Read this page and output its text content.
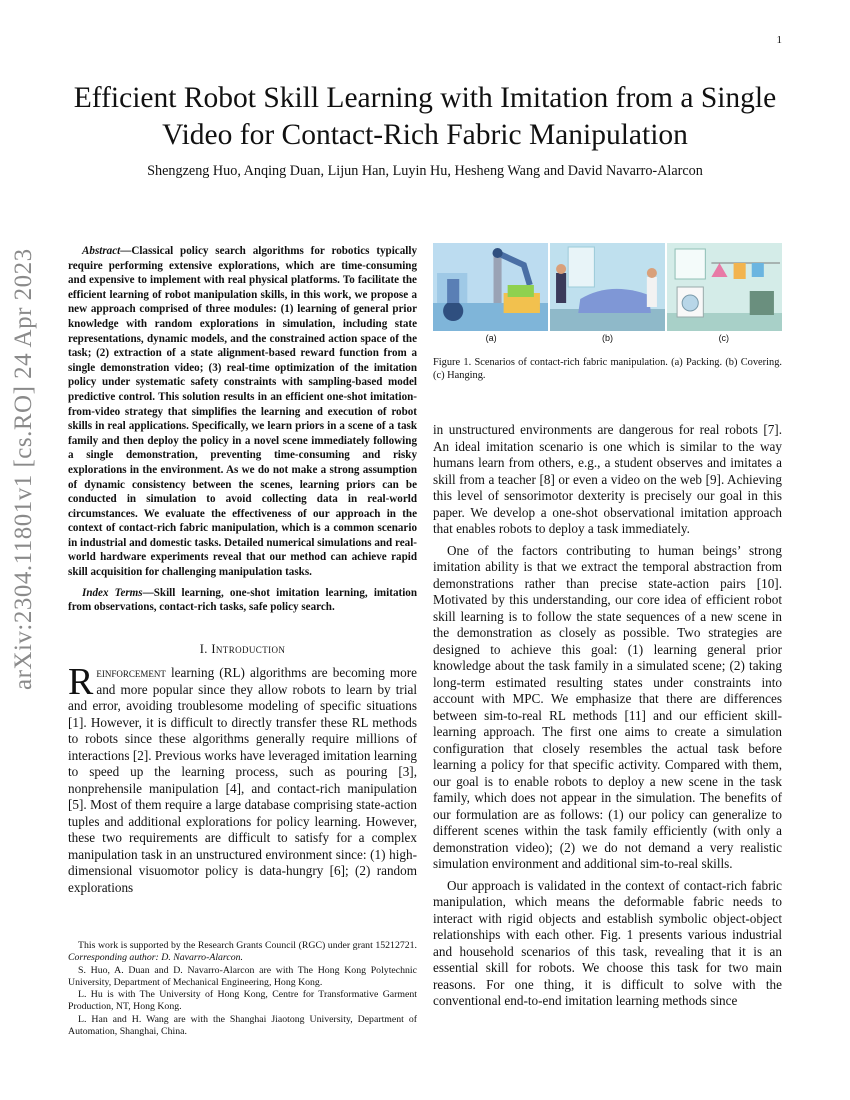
1
arXiv:2304.11801v1 [cs.RO] 24 Apr 2023
Efficient Robot Skill Learning with Imitation from a Single Video for Contact-Rich Fabric Manipulation
Shengzeng Huo, Anqing Duan, Lijun Han, Luyin Hu, Hesheng Wang and David Navarro-Alarcon

Abstract—Classical policy search algorithms for robotics typically require performing extensive explorations, which are time-consuming and expensive to implement with real physical platforms. To facilitate the efficient learning of robot manipulation skills, in this work, we propose a new approach comprised of three modules: (1) learning of general prior knowledge with random explorations in simulation, including state representations, dynamic models, and the constrained action space of the task; (2) extraction of a state alignment-based reward function from a single demonstration video; (3) real-time optimization of the imitation policy under systematic safety constraints with sampling-based model predictive control. This solution results in an efficient one-shot imitation-from-video strategy that simplifies the learning and execution of robot skills in real applications. Specifically, we learn priors in a scene of a task family and then deploy the policy in a novel scene immediately following a single demonstration, preventing time-consuming and risky explorations in the environment. As we do not make a strong assumption of dynamic consistency between the scenes, learning priors can be conducted in simulation to avoid collecting data in real-world circumstances. We evaluate the effectiveness of our approach in the context of contact-rich fabric manipulation, which is a common scenario in industrial and domestic tasks. Detailed numerical simulations and real-world hardware experiments reveal that our method can achieve rapid skill acquisition for challenging manipulation tasks.

Index Terms—Skill learning, one-shot imitation learning, imitation from observations, contact-rich tasks, safe policy search.

I. Introduction

Reinforcement learning (RL) algorithms are becoming more and more popular since they allow robots to learn by trial and error, avoiding troublesome modeling of specific situations [1]. However, it is difficult to directly transfer these RL methods to robots since these algorithms generally require millions of interactions [2]. Previous works have leveraged imitation learning to speed up the learning process, such as pouring [3], nonprehensile manipulation [4], and contact-rich manipulation [5]. Most of them require a large database comprising state-action tuples and additional explorations for policy learning. However, these two requirements are difficult to satisfy for a complex manipulation task in an unstructured environment since: (1) high-dimensional visuomotor policy is data-hungry [6]; (2) random explorations

This work is supported by the Research Grants Council (RGC) under grant 15212721. Corresponding author: D. Navarro-Alarcon.

S. Huo, A. Duan and D. Navarro-Alarcon are with The Hong Kong Polytechnic University, Department of Mechanical Engineering, Hong Kong.

L. Hu is with The University of Hong Kong, Centre for Transformative Garment Production, NT, Hong Kong.

L. Han and H. Wang are with the Shanghai Jiaotong University, Department of Automation, Shanghai, China.

(a)	(b)	(c)
Figure 1. Scenarios of contact-rich fabric manipulation. (a) Packing. (b) Covering. (c) Hanging.

in unstructured environments are dangerous for real robots [7]. An ideal imitation scenario is one which is similar to the way humans learn from others, e.g., a student observes and imitates a skill from a teacher [8] or even a video on the web [9]. Achieving this level of sensorimotor dexterity is precisely our goal in this paper. We develop a one-shot observational imitation approach that enables robots to deploy a task immediately.

One of the factors contributing to human beings’ strong imitation ability is that we extract the temporal abstraction from demonstrations rather than precise state-action pairs [10]. Motivated by this understanding, our core idea of efficient robot skill learning is to follow the state sequences of a new scene in the demonstration as closely as possible. Two strategies are designed to achieve this goal: (1) learning general prior knowledge about the task family in a simulated scene; (2) taking long-term estimated resulting states under constraints into account with MPC. We emphasize that there are differences between sim-to-real RL methods [11] and our efficient skill-learning approach. The first one aims to create a simulation configuration that closely resembles the actual task before learning a policy for that specific activity. Compared with them, our goal is to enable robots to deploy a new scene in the task family, which does not appear in the simulation. The benefits of our formulation are as follows: (1) our policy can generalize to different scenes within the task family efficiently (with only a demonstration video); (2) we do not demand a very realistic simulation environment and additional sim-to-real skills.

Our approach is validated in the context of contact-rich fabric manipulation, which means the deformable fabric needs to interact with rigid objects and establish symbolic object-object relationships with each other. Fig. 1 presents various industrial and household scenarios of this task, revealing that it is an essential skill for robots. We choose this task for two main reasons. For one thing, it is difficult to solve with the conventional end-to-end imitation learning methods since
